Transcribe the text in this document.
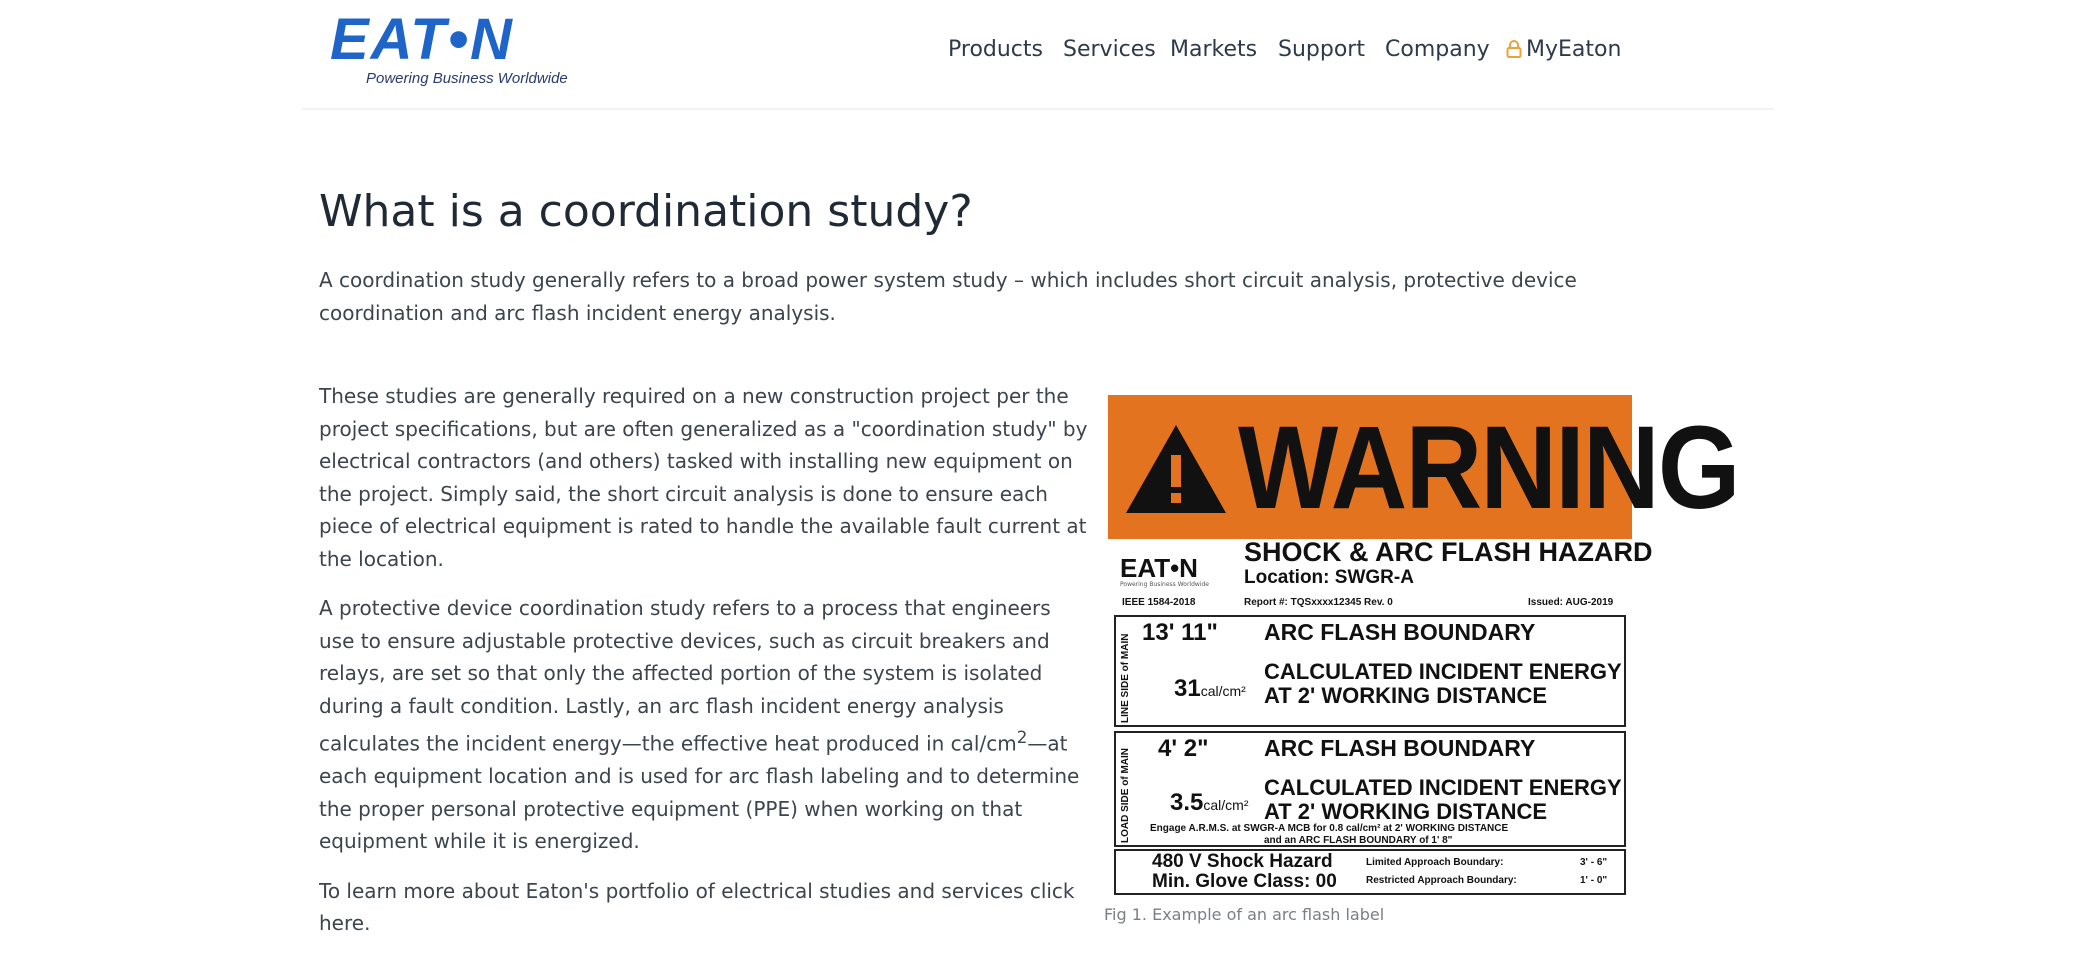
EAT•N
Powering Business Worldwide
Products Services Markets Support Company	MyEaton
What is a coordination study?

A coordination study generally refers to a broad power system study – which includes short circuit analysis, protective device coordination and arc flash incident energy analysis.

These studies are generally required on a new construction project per the project specifications, but are often generalized as a "coordination study" by electrical contractors (and others) tasked with installing new equipment on the project. Simply said, the short circuit analysis is done to ensure each piece of electrical equipment is rated to handle the available fault current at the location.

A protective device coordination study refers to a process that engineers use to ensure adjustable protective devices, such as circuit breakers and relays, are set so that only the affected portion of the system is isolated during a fault condition. Lastly, an arc flash incident energy analysis calculates the incident energy—the effective heat produced in cal/$cm^2—at$ each equipment location and is used for arc flash labeling and to determine the proper personal protective equipment (PPE) when working on that equipment while it is energized.

To learn more about Eaton's portfolio of electrical studies and services click here.

WARNING
EAT•N
Powering Business Worldwide
SHOCK & ARC FLASH HAZARD
Location: SWGR-A
IEEE 1584-2018	Report #: TQSxxxx12345 Rev. 0	Issued: AUG-2019
LINE SIDE of MAIN
13' 11" ARC FLASH BOUNDARY
31cal/cm²
CALCULATED INCIDENT ENERGY
AT 2' WORKING DISTANCE
LOAD SIDE of MAIN 4' 2" ARC FLASH BOUNDARY
3.5cal/cm²
CALCULATED INCIDENT ENERGY
AT 2' WORKING DISTANCE
Engage A.R.M.S. at SWGR-A MCB for 0.8 cal/cm² at 2' WORKING DISTANCE
and an ARC FLASH BOUNDARY of 1' 8"
480 V Shock Hazard
Min. Glove Class: 00
Limited Approach Boundary:	3' - 6"
Restricted Approach Boundary:	1' - 0"
Fig 1. Example of an arc flash label
